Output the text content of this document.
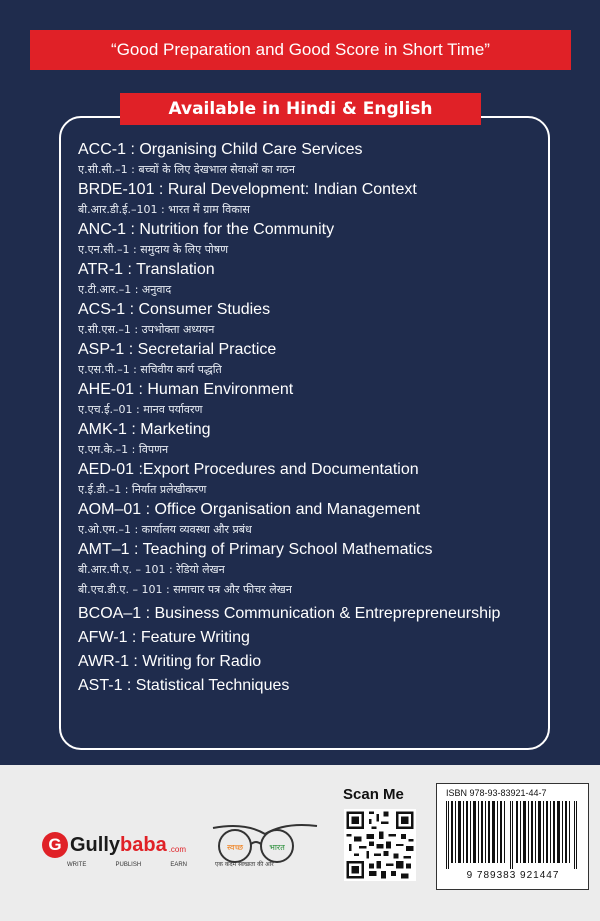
“Good Preparation and Good Score in Short Time”
Available in Hindi & English
ACC-1 : Organising Child Care Services
ए.सी.सी.–1 : बच्चों के लिए देखभाल सेवाओं का गठन
BRDE-101 : Rural Development: Indian Context
बी.आर.डी.ई.–101 : भारत में ग्राम विकास
ANC-1 : Nutrition for the Community
ए.एन.सी.–1 : समुदाय के लिए पोषण
ATR-1 : Translation
ए.टी.आर.–1 : अनुवाद
ACS-1 : Consumer Studies
ए.सी.एस.–1 : उपभोक्ता अध्ययन
ASP-1 : Secretarial Practice
ए.एस.पी.–1 : सचिवीय कार्य पद्धति
AHE-01 : Human Environment
ए.एच.ई.–01 : मानव पर्यावरण
AMK-1 : Marketing
ए.एम.के.–1 : विपणन
AED-01 :Export Procedures and Documentation
ए.ई.डी.–1 : निर्यात प्रलेखीकरण
AOM–01 : Office Organisation and Management
ए.ओ.एम.–1 : कार्यालय व्यवस्था और प्रबंध
AMT–1 : Teaching of Primary School Mathematics
बी.आर.पी.ए. – 101 : रेडियो लेखन
बी.एच.डी.ए. – 101 : समाचार पत्र और फीचर लेखन
BCOA–1 : Business Communication & Entreprepreneurship
AFW-1 : Feature Writing
AWR-1 : Writing for Radio
AST-1 : Statistical Techniques
G Gullybaba .com
WRITE	PUBLISH	EARN
स्वच्छ	भारत
एक कदम स्वच्छता की ओर
Scan Me	ISBN 978-93-83921-44-7
9 789383 921447
